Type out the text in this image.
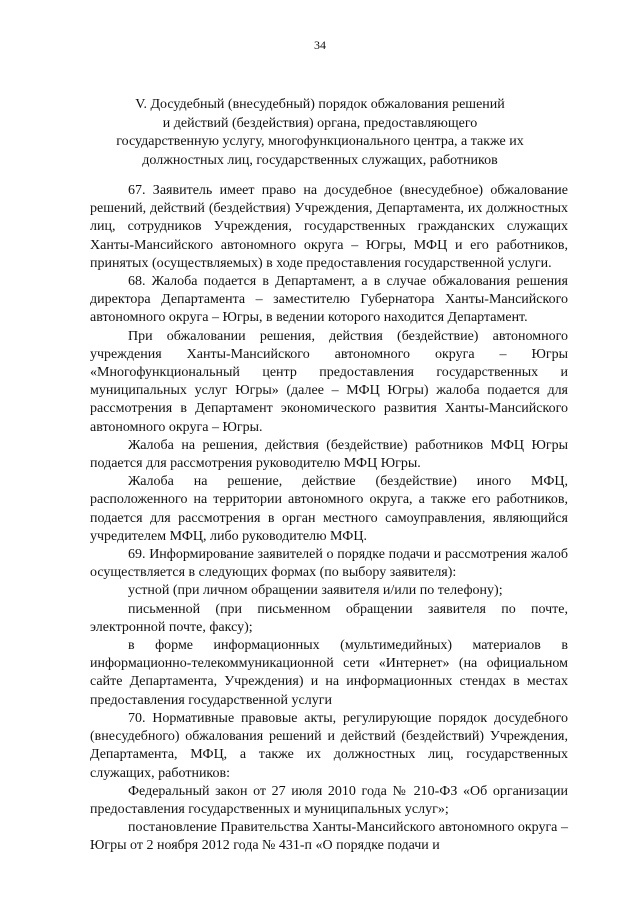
34
V. Досудебный (внесудебный) порядок обжалования решений
и действий (бездействия) органа, предоставляющего
государственную услугу, многофункционального центра, а также их
должностных лиц, государственных служащих, работников

67. Заявитель имеет право на досудебное (внесудебное) обжалование решений, действий (бездействия) Учреждения, Департамента, их должностных лиц, сотрудников Учреждения, государственных гражданских служащих Ханты-Мансийского автономного округа – Югры, МФЦ и его работников, принятых (осуществляемых) в ходе предоставления государственной услуги.

68. Жалоба подается в Департамент, а в случае обжалования решения директора Департамента – заместителю Губернатора Ханты-Мансийского автономного округа – Югры, в ведении которого находится Департамент.

При обжаловании решения, действия (бездействие) автономного учреждения Ханты-Мансийского автономного округа – Югры «Многофункциональный центр предоставления государственных и муниципальных услуг Югры» (далее – МФЦ Югры) жалоба подается для рассмотрения в Департамент экономического развития Ханты-Мансийского автономного округа – Югры.

Жалоба на решения, действия (бездействие) работников МФЦ Югры подается для рассмотрения руководителю МФЦ Югры.

Жалоба на решение, действие (бездействие) иного МФЦ, расположенного на территории автономного округа, а также его работников, подается для рассмотрения в орган местного самоуправления, являющийся учредителем МФЦ, либо руководителю МФЦ.

69. Информирование заявителей о порядке подачи и рассмотрения жалоб осуществляется в следующих формах (по выбору заявителя):

устной (при личном обращении заявителя и/или по телефону);

письменной (при письменном обращении заявителя по почте, электронной почте, факсу);

в форме информационных (мультимедийных) материалов в информационно-телекоммуникационной сети «Интернет» (на официальном сайте Департамента, Учреждения) и на информационных стендах в местах предоставления государственной услуги

70. Нормативные правовые акты, регулирующие порядок досудебного (внесудебного) обжалования решений и действий (бездействий) Учреждения, Департамента, МФЦ, а также их должностных лиц, государственных служащих, работников:

Федеральный закон от 27 июля 2010 года № 210-ФЗ «Об организации предоставления государственных и муниципальных услуг»;

постановление Правительства Ханты-Мансийского автономного округа – Югры от 2 ноября 2012 года № 431-п «О порядке подачи и
